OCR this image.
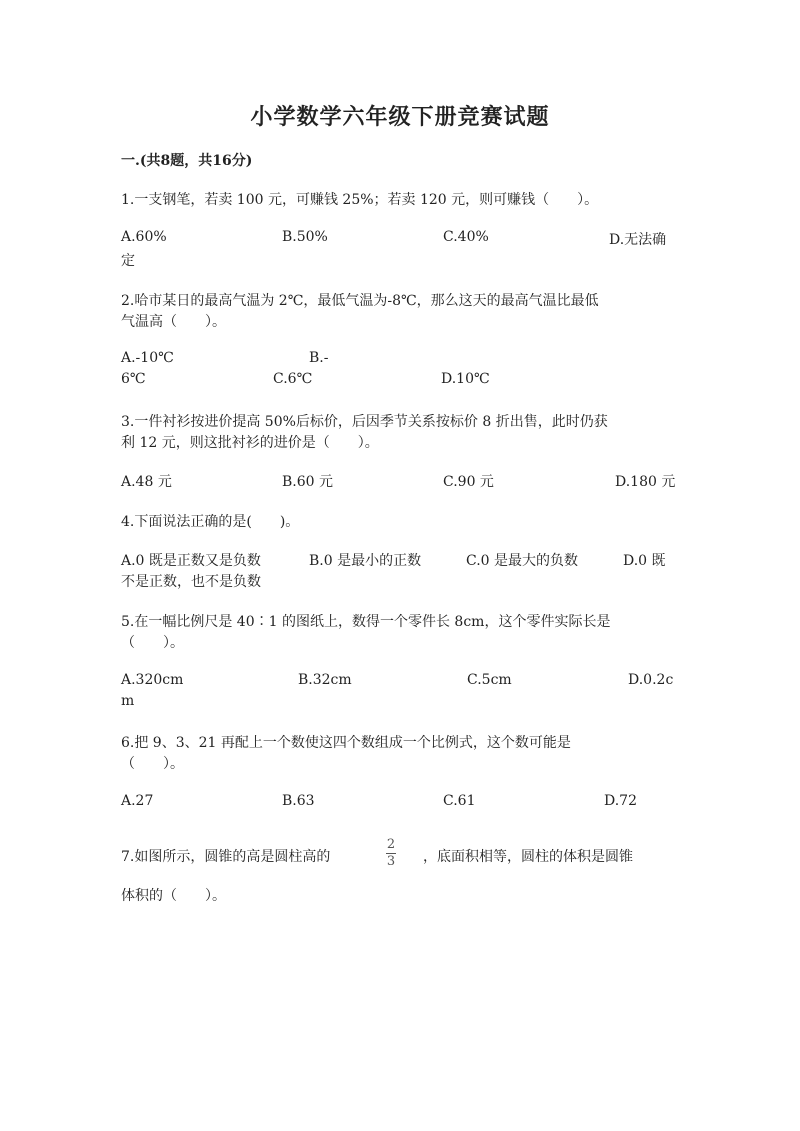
小学数学六年级下册竞赛试题
一.(共8题，共16分)
1.一支钢笔，若卖 100 元，可赚钱 25%；若卖 120 元，则可赚钱（　　）。
A.60%	B.50%	C.40%	D.无法确
定
2.哈市某日的最高气温为 2℃，最低气温为-8℃，那么这天的最高气温比最低
气温高（　　）。
A.-10℃	B.-
6℃	C.6℃	D.10℃
3.一件衬衫按进价提高 50%后标价，后因季节关系按标价 8 折出售，此时仍获
利 12 元，则这批衬衫的进价是（　　）。
A.48 元	B.60 元	C.90 元	D.180 元
4.下面说法正确的是(　　)。
A.0 既是正数又是负数	B.0 是最小的正数	C.0 是最大的负数	D.0 既
不是正数，也不是负数
5.在一幅比例尺是 40∶1 的图纸上，数得一个零件长 8cm，这个零件实际长是
（　　）。
A.320cm	B.32cm	C.5cm	D.0.2c
m
6.把 9、3、21 再配上一个数使这四个数组成一个比例式，这个数可能是
（　　）。
A.27	B.63	C.61	D.72
7.如图所示，圆锥的高是圆柱高的
2
3 ，底面积相等，圆柱的体积是圆锥
体积的（　　）。
